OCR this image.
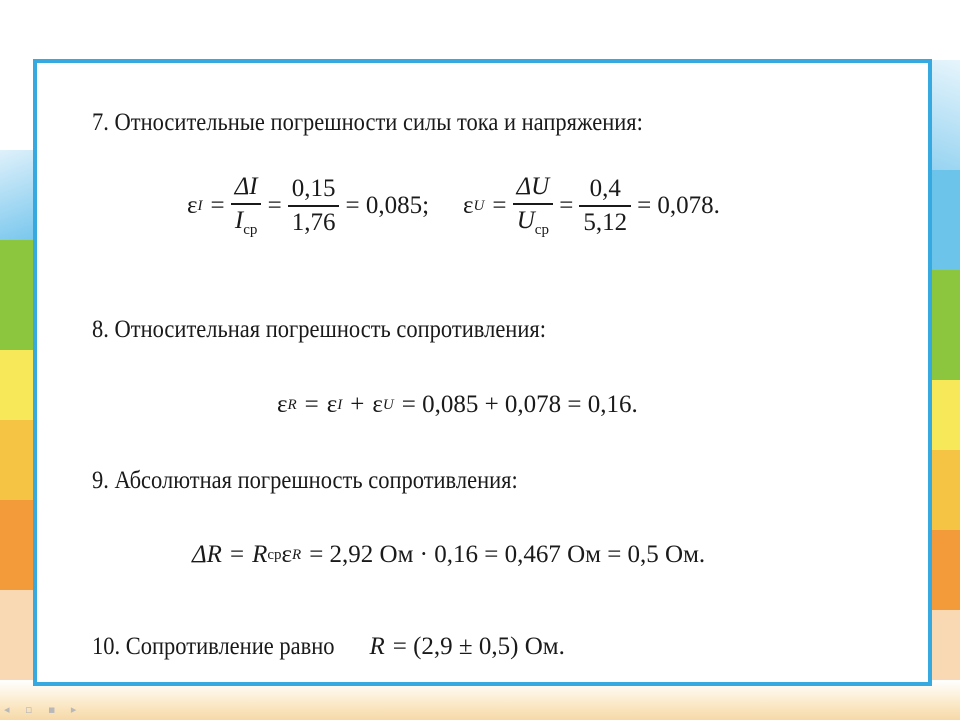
7. Относительные погрешности силы тока и напряжения:
ε $I = \frac{\Delta I}{I_{ср}} = \frac{0,15}{1,76} = 0,085$; ε $U = \frac{\Delta U}{U_{ср}} = \frac{0,4}{5,12} = 0,078$.
8. Относительная погрешность сопротивления:
ε R = ε I + ε U = 0,085 + 0,078 = 0,16.
9. Абсолютная погрешность сопротивления:
ΔR = R ср ε R = 2,92 Ом · 0,16 = 0,467 Ом = 0,5 Ом.
10. Сопротивление равно R = (2,9 ± 0,5) Ом.
◂ ▫ ▪ ▸
